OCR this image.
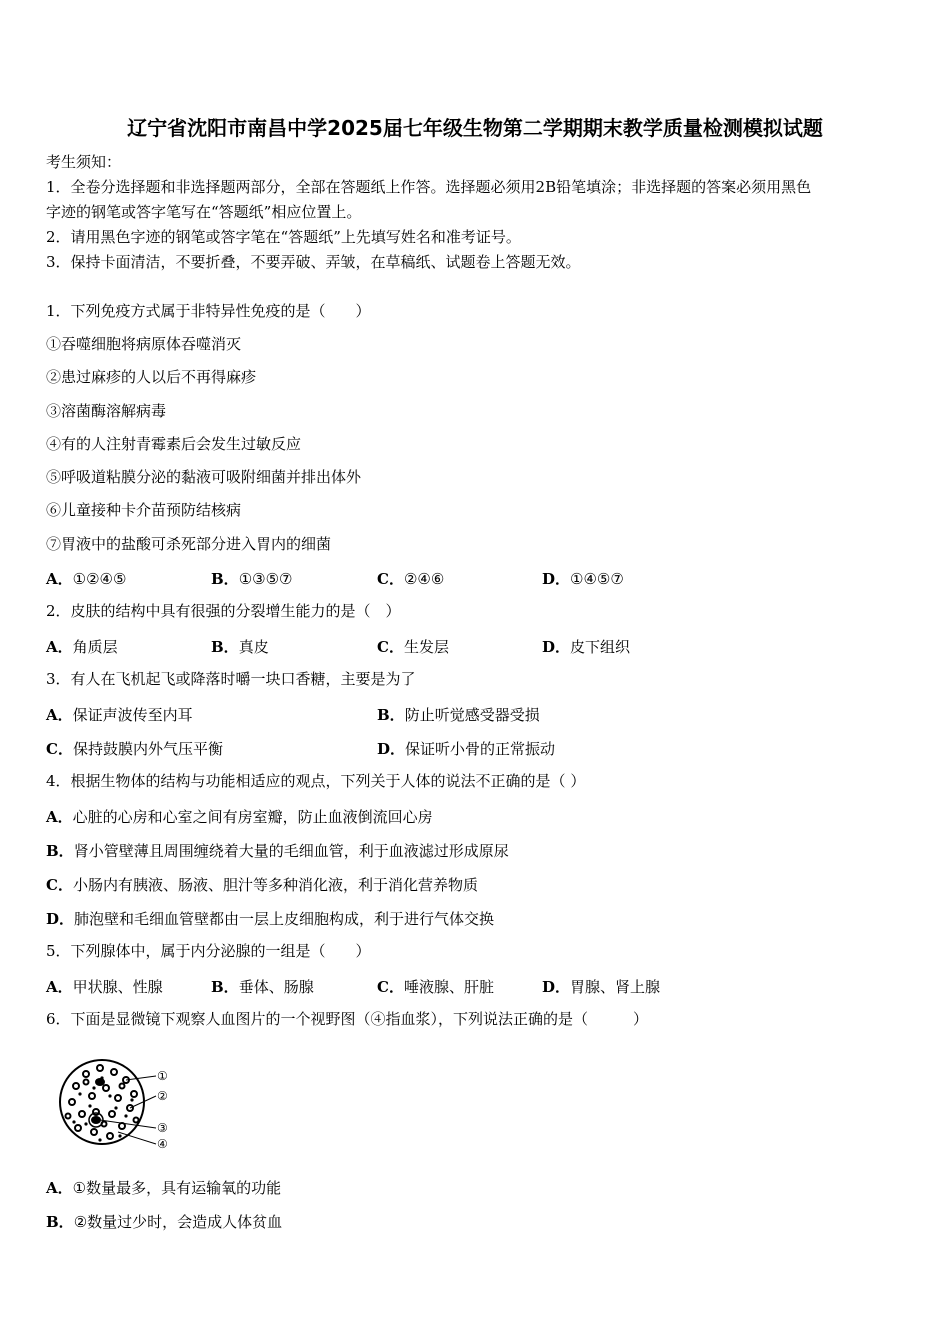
辽宁省沈阳市南昌中学2025届七年级生物第二学期期末教学质量检测模拟试题
考生须知：
1．全卷分选择题和非选择题两部分，全部在答题纸上作答。选择题必须用2B铅笔填涂；非选择题的答案必须用黑色
字迹的钢笔或答字笔写在“答题纸”相应位置上。
2．请用黑色字迹的钢笔或答字笔在“答题纸”上先填写姓名和准考证号。
3．保持卡面清洁，不要折叠，不要弄破、弄皱，在草稿纸、试题卷上答题无效。
1．下列免疫方式属于非特异性免疫的是（　　）
①吞噬细胞将病原体吞噬消灭
②患过麻疹的人以后不再得麻疹
③溶菌酶溶解病毒
④有的人注射青霉素后会发生过敏反应
⑤呼吸道粘膜分泌的黏液可吸附细菌并排出体外
⑥儿童接种卡介苗预防结核病
⑦胃液中的盐酸可杀死部分进入胃内的细菌
A．①②④⑤	B．①③⑤⑦	C．②④⑥	D．①④⑤⑦
2．皮肤的结构中具有很强的分裂增生能力的是（　）
A．角质层	B．真皮	C．生发层	D．皮下组织
3．有人在飞机起飞或降落时嚼一块口香糖，主要是为了
A．保证声波传至内耳	B．防止听觉感受器受损
C．保持鼓膜内外气压平衡	D．保证听小骨的正常振动
4．根据生物体的结构与功能相适应的观点，下列关于人体的说法不正确的是（ ）
A．心脏的心房和心室之间有房室瓣，防止血液倒流回心房
B．肾小管壁薄且周围缠绕着大量的毛细血管，利于血液滤过形成原尿
C．小肠内有胰液、肠液、胆汁等多种消化液，利于消化营养物质
D．肺泡壁和毛细血管壁都由一层上皮细胞构成，利于进行气体交换
5．下列腺体中，属于内分泌腺的一组是（　　）
A．甲状腺、性腺	B．垂体、肠腺	C．唾液腺、肝脏	D．胃腺、肾上腺
6．下面是显微镜下观察人血图片的一个视野图（④指血浆），下列说法正确的是（　　　）
①
②
③
④
A．①数量最多，具有运输氧的功能
B．②数量过少时，会造成人体贫血
